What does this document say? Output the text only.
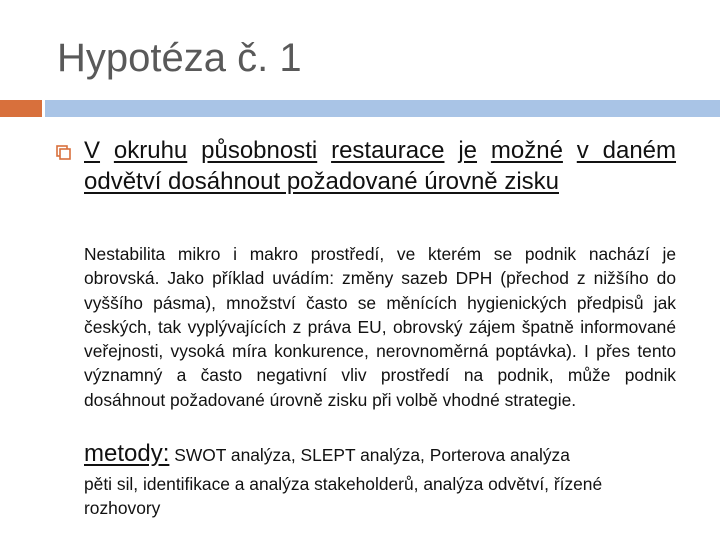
Hypotéza č. 1

V okruhu působnosti restaurace je možné v daném odvětví dosáhnout požadované úrovně zisku

Nestabilita mikro i makro prostředí, ve kterém se podnik nachází je obrovská. Jako příklad uvádím: změny sazeb DPH (přechod z nižšího do vyššího pásma), množství často se měnících hygienických předpisů jak českých, tak vyplývajících z práva EU, obrovský zájem špatně informované veřejnosti, vysoká míra konkurence, nerovnoměrná poptávka). I přes tento významný a často negativní vliv prostředí na podnik, může podnik dosáhnout požadované úrovně zisku při volbě vhodné strategie.

metody: SWOT analýza, SLEPT analýza, Porterova analýza
pěti sil, identifikace a analýza stakeholderů, analýza odvětví, řízené rozhovory
